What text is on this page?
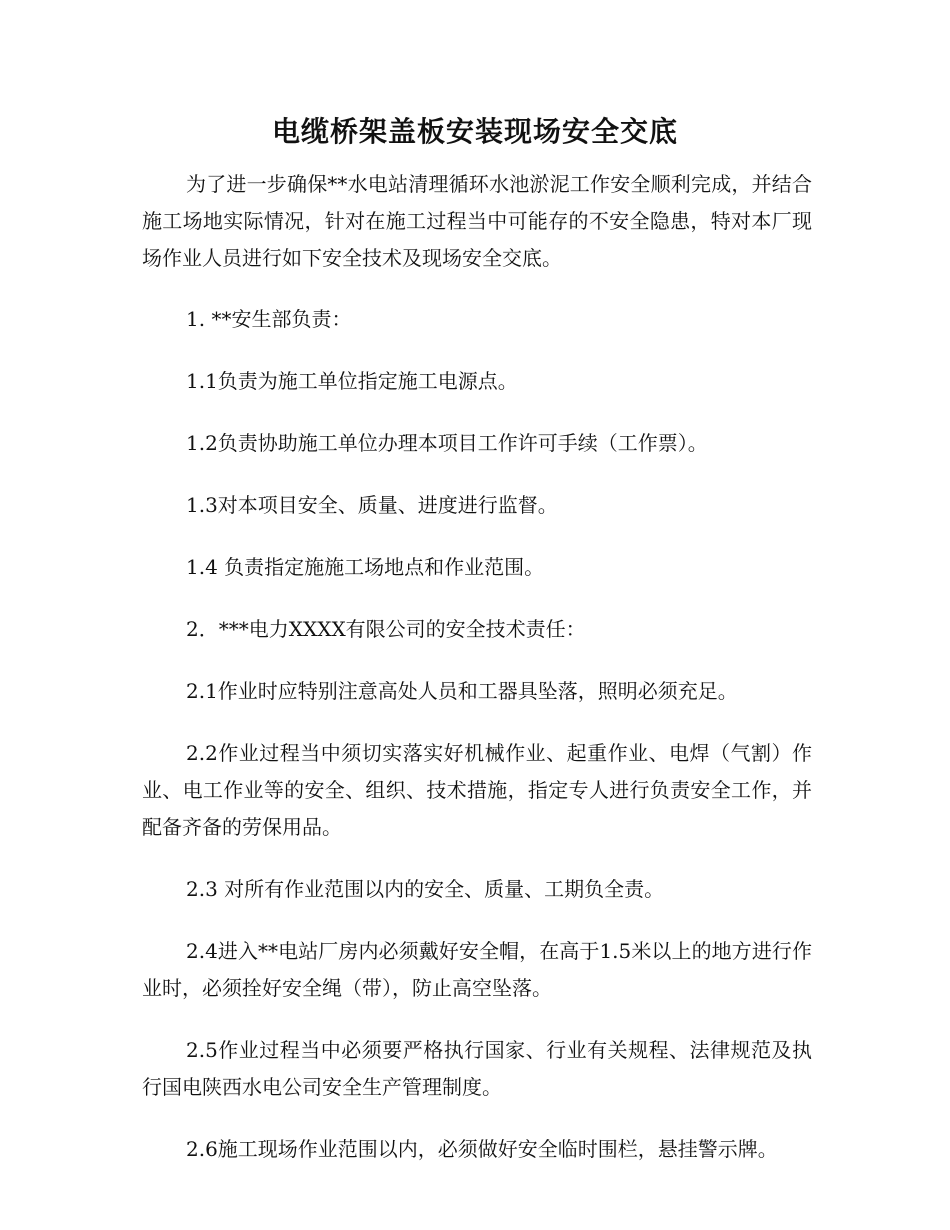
电缆桥架盖板安装现场安全交底

为了进一步确保**水电站清理循环水池淤泥工作安全顺利完成，并结合施工场地实际情况，针对在施工过程当中可能存的不安全隐患，特对本厂现场作业人员进行如下安全技术及现场安全交底。

1. **安生部负责：

1.1负责为施工单位指定施工电源点。

1.2负责协助施工单位办理本项目工作许可手续（工作票）。

1.3对本项目安全、质量、进度进行监督。

1.4 负责指定施施工场地点和作业范围。

2．***电力XXXX有限公司的安全技术责任：

2.1作业时应特别注意高处人员和工器具坠落，照明必须充足。

2.2作业过程当中须切实落实好机械作业、起重作业、电焊（气割）作业、电工作业等的安全、组织、技术措施，指定专人进行负责安全工作，并配备齐备的劳保用品。

2.3 对所有作业范围以内的安全、质量、工期负全责。

2.4进入**电站厂房内必须戴好安全帽，在高于1.5米以上的地方进行作业时，必须拴好安全绳（带），防止高空坠落。

2.5作业过程当中必须要严格执行国家、行业有关规程、法律规范及执行国电陕西水电公司安全生产管理制度。

2.6施工现场作业范围以内，必须做好安全临时围栏，悬挂警示牌。
